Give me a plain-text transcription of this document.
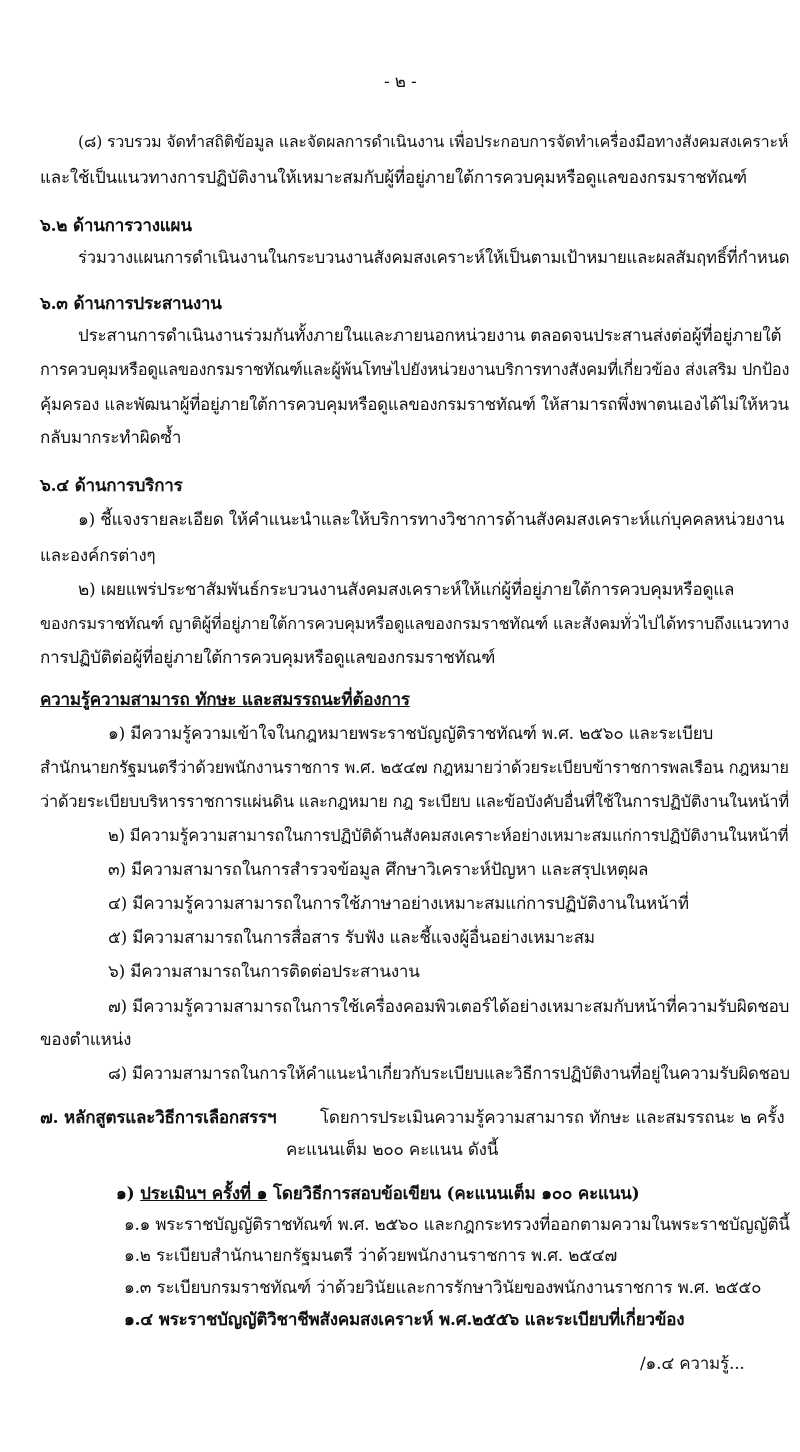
- ๒ -

(๘) รวบรวม จัดทำสถิติข้อมูล และจัดผลการดำเนินงาน เพื่อประกอบการจัดทำเครื่องมือทางสังคมสงเคราะห์

และใช้เป็นแนวทางการปฏิบัติงานให้เหมาะสมกับผู้ที่อยู่ภายใต้การควบคุมหรือดูแลของกรมราชทัณฑ์

๖.๒ ด้านการวางแผน

ร่วมวางแผนการดำเนินงานในกระบวนงานสังคมสงเคราะห์ให้เป็นตามเป้าหมายและผลสัมฤทธิ์ที่กำหนด

๖.๓ ด้านการประสานงาน

ประสานการดำเนินงานร่วมกันทั้งภายในและภายนอกหน่วยงาน ตลอดจนประสานส่งต่อผู้ที่อยู่ภายใต้

การควบคุมหรือดูแลของกรมราชทัณฑ์และผู้พ้นโทษไปยังหน่วยงานบริการทางสังคมที่เกี่ยวข้อง ส่งเสริม ปกป้อง

คุ้มครอง และพัฒนาผู้ที่อยู่ภายใต้การควบคุมหรือดูแลของกรมราชทัณฑ์ ให้สามารถพึ่งพาตนเองได้ไม่ให้หวน

กลับมากระทำผิดซ้ำ

๖.๔ ด้านการบริการ

๑) ชี้แจงรายละเอียด ให้คำแนะนำและให้บริการทางวิชาการด้านสังคมสงเคราะห์แก่บุคคลหน่วยงาน

และองค์กรต่างๆ

๒) เผยแพร่ประชาสัมพันธ์กระบวนงานสังคมสงเคราะห์ให้แก่ผู้ที่อยู่ภายใต้การควบคุมหรือดูแล

ของกรมราชทัณฑ์ ญาติผู้ที่อยู่ภายใต้การควบคุมหรือดูแลของกรมราชทัณฑ์ และสังคมทั่วไปได้ทราบถึงแนวทาง

การปฏิบัติต่อผู้ที่อยู่ภายใต้การควบคุมหรือดูแลของกรมราชทัณฑ์

ความรู้ความสามารถ ทักษะ และสมรรถนะที่ต้องการ

๑) มีความรู้ความเข้าใจในกฎหมายพระราชบัญญัติราชทัณฑ์ พ.ศ. ๒๕๖๐ และระเบียบ

สำนักนายกรัฐมนตรีว่าด้วยพนักงานราชการ พ.ศ. ๒๕๔๗ กฎหมายว่าด้วยระเบียบข้าราชการพลเรือน กฎหมาย

ว่าด้วยระเบียบบริหารราชการแผ่นดิน และกฎหมาย กฎ ระเบียบ และข้อบังคับอื่นที่ใช้ในการปฏิบัติงานในหน้าที่

๒) มีความรู้ความสามารถในการปฏิบัติด้านสังคมสงเคราะห์อย่างเหมาะสมแก่การปฏิบัติงานในหน้าที่

๓) มีความสามารถในการสำรวจข้อมูล ศึกษาวิเคราะห์ปัญหา และสรุปเหตุผล

๔) มีความรู้ความสามารถในการใช้ภาษาอย่างเหมาะสมแก่การปฏิบัติงานในหน้าที่

๕) มีความสามารถในการสื่อสาร รับฟัง และชี้แจงผู้อื่นอย่างเหมาะสม

๖) มีความสามารถในการติดต่อประสานงาน

๗) มีความรู้ความสามารถในการใช้เครื่องคอมพิวเตอร์ได้อย่างเหมาะสมกับหน้าที่ความรับผิดชอบ

ของตำแหน่ง

๘) มีความสามารถในการให้คำแนะนำเกี่ยวกับระเบียบและวิธีการปฏิบัติงานที่อยู่ในความรับผิดชอบ

๗. หลักสูตรและวิธีการเลือกสรรฯ	โดยการประเมินความรู้ความสามารถ ทักษะ และสมรรถนะ ๒ ครั้ง

คะแนนเต็ม ๒๐๐ คะแนน ดังนี้

๑) ประเมินฯ ครั้งที่ ๑ โดยวิธีการสอบข้อเขียน (คะแนนเต็ม ๑๐๐ คะแนน)

๑.๑ พระราชบัญญัติราชทัณฑ์ พ.ศ. ๒๕๖๐ และกฎกระทรวงที่ออกตามความในพระราชบัญญัตินี้

๑.๒ ระเบียบสำนักนายกรัฐมนตรี ว่าด้วยพนักงานราชการ พ.ศ. ๒๕๔๗

๑.๓ ระเบียบกรมราชทัณฑ์ ว่าด้วยวินัยและการรักษาวินัยของพนักงานราชการ พ.ศ. ๒๕๕๐

๑.๔ พระราชบัญญัติวิชาชีพสังคมสงเคราะห์ พ.ศ.๒๕๕๖ และระเบียบที่เกี่ยวข้อง

/๑.๔ ความรู้...
